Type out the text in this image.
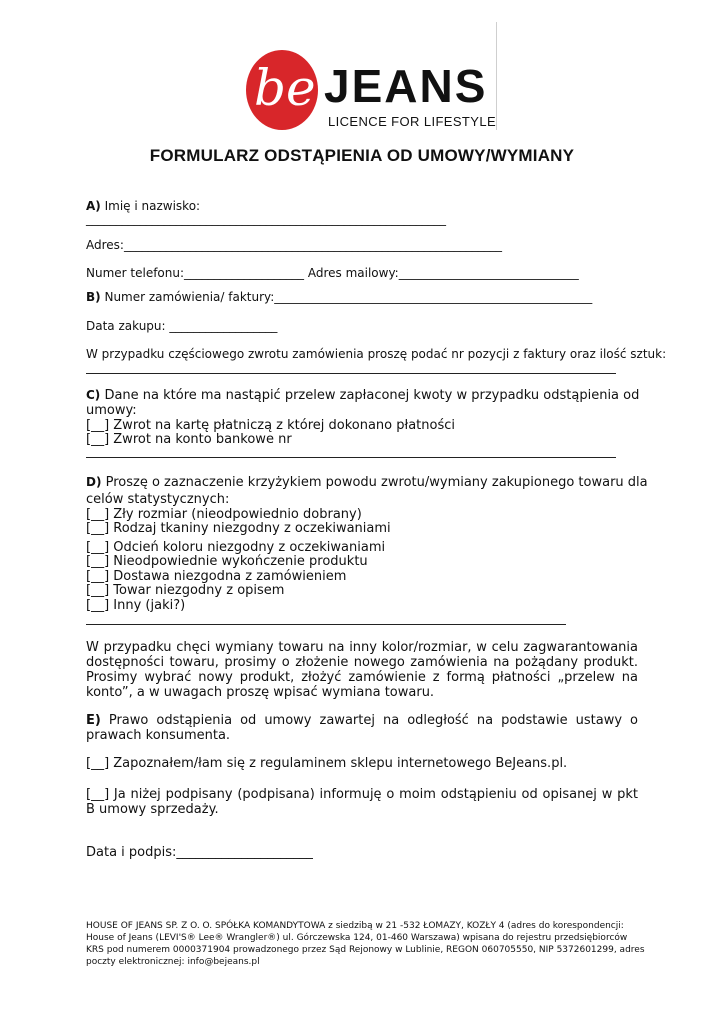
be JEANS
LICENCE FOR LIFESTYLE
FORMULARZ ODSTĄPIENIA OD UMOWY/WYMIANY
A) Imię i nazwisko:
____________________________________________________________
Adres:_______________________________________________________________
Numer telefonu:____________________ Adres mailowy:______________________________
B) Numer zamówienia/ faktury:_____________________________________________________
Data zakupu: __________________
W przypadku częściowego zwrotu zamówienia proszę podać nr pozycji z faktury oraz ilość sztuk:
C) Dane na które ma nastąpić przelew zapłaconej kwoty w przypadku odstąpienia od
umowy:
[__] Zwrot na kartę płatniczą z której dokonano płatności
[__] Zwrot na konto bankowe nr
D) Proszę o zaznaczenie krzyżykiem powodu zwrotu/wymiany zakupionego towaru dla
celów statystycznych:
[__] Zły rozmiar (nieodpowiednio dobrany)
[__] Rodzaj tkaniny niezgodny z oczekiwaniami
[__] Odcień koloru niezgodny z oczekiwaniami
[__] Nieodpowiednie wykończenie produktu
[__] Dostawa niezgodna z zamówieniem
[__] Towar niezgodny z opisem
[__] Inny (jaki?)
W przypadku chęci wymiany towaru na inny kolor/rozmiar, w celu zagwarantowania dostępności towaru, prosimy o złożenie nowego zamówienia na pożądany produkt. Prosimy wybrać nowy produkt, złożyć zamówienie z formą płatności „przelew na konto”, a w uwagach proszę wpisać wymiana towaru.
E) Prawo odstąpienia od umowy zawartej na odległość na podstawie ustawy o prawach konsumenta.
[__] Zapoznałem/łam się z regulaminem sklepu internetowego BeJeans.pl.
[__] Ja niżej podpisany (podpisana) informuję o moim odstąpieniu od opisanej w pkt B umowy sprzedaży.
Data i podpis:_____________________
HOUSE OF JEANS SP. Z O. O. SPÓŁKA KOMANDYTOWA z siedzibą w 21 -532 ŁOMAZY, KOZŁY 4 (adres do korespondencji: House of Jeans (LEVI'S® Lee® Wrangler®) ul. Górczewska 124, 01-460 Warszawa) wpisana do rejestru przedsiębiorców KRS pod numerem 0000371904 prowadzonego przez Sąd Rejonowy w Lublinie, REGON 060705550, NIP 5372601299, adres poczty elektronicznej: info@bejeans.pl
